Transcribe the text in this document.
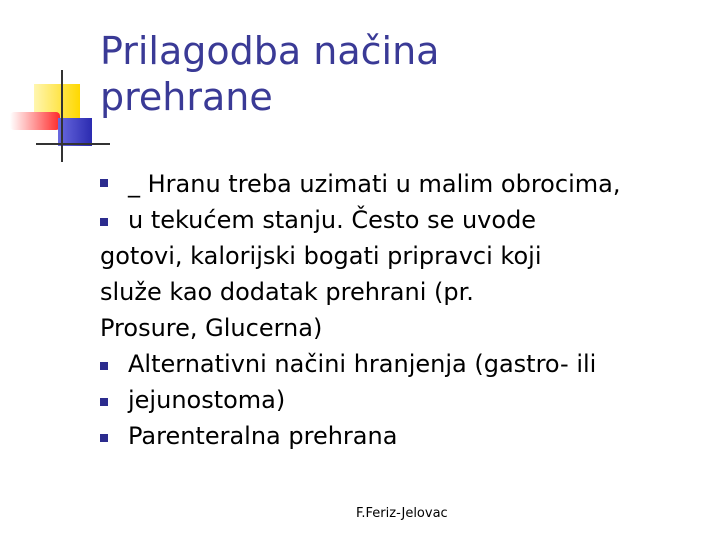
Prilagodba načina
prehrane
_ Hranu treba uzimati u malim obrocima,
u tekućem stanju. Često se uvode
gotovi, kalorijski bogati pripravci koji
služe kao dodatak prehrani (pr.
Prosure, Glucerna)
Alternativni načini hranjenja (gastro- ili
jejunostoma)
Parenteralna prehrana
F.Feriz-Jelovac
